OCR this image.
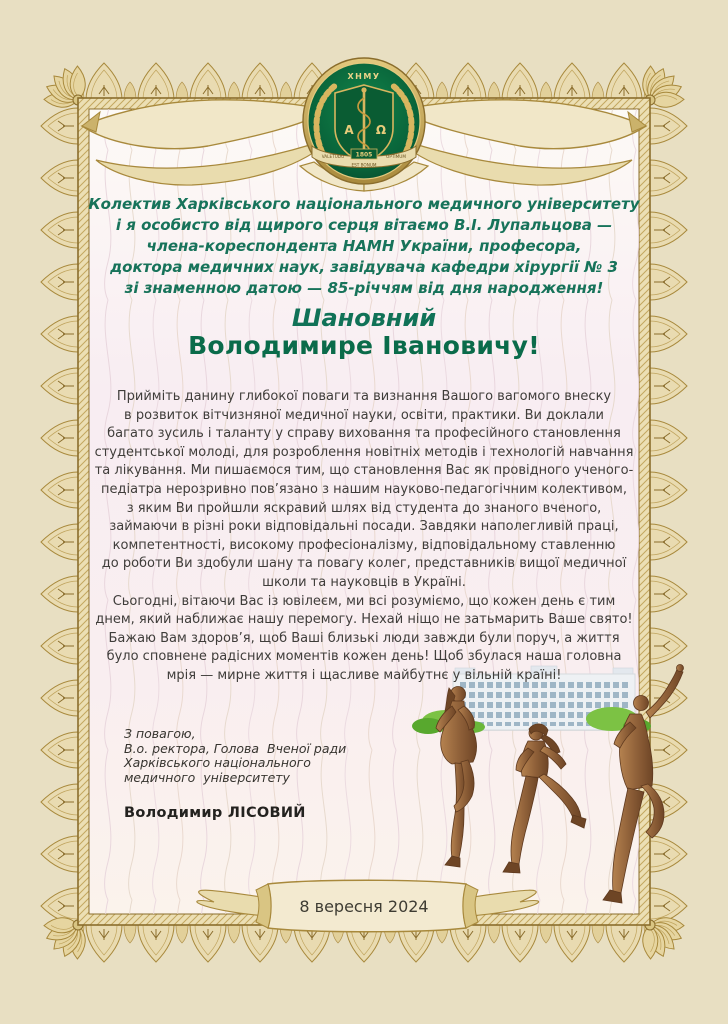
ХНМУ
Α Ω
VALETUDO 1805	OPTIMUM
EST BONUM
Колектив Харківського національного медичного університету
і я особисто від щирого серця вітаємо В.І. Лупальцова —
члена-кореспондента НАМН України, професора,
доктора медичних наук, завідувача кафедри хірургії № 3
зі знаменною датою — 85-річчям від дня народження!
Шановний
Володимире Івановичу!
Прийміть данину глибокої поваги та визнання Вашого вагомого внеску
в розвиток вітчизняної медичної науки, освіти, практики. Ви доклали
багато зусиль і таланту у справу виховання та професійного становлення
студентської молоді, для розроблення новітніх методів і технологій навчання
та лікування. Ми пишаємося тим, що становлення Вас як провідного ученого-
педіатра нерозривно пов’язано з нашим науково-педагогічним колективом,
з яким Ви пройшли яскравий шлях від студента до знаного вченого,
займаючи в різні роки відповідальні посади. Завдяки наполегливій праці,
компетентності, високому професіоналізму, відповідальному ставленню
до роботи Ви здобули шану та повагу колег, представників вищої медичної
школи та науковців в Україні.
Сьогодні, вітаючи Вас із ювілеєм, ми всі розуміємо, що кожен день є тим
днем, який наближає нашу перемогу. Нехай ніщо не затьмарить Ваше свято!
Бажаю Вам здоров’я, щоб Ваші близькі люди завжди були поруч, а життя
було сповнене радісних моментів кожен день! Щоб збулася наша головна
мрія — мирне життя і щасливе майбутнє у вільній країні!
З повагою,
В.о. ректора, Голова  Вченої ради
Харківського національного
медичного  університету
Володимир ЛІСОВИЙ
8 вересня 2024
